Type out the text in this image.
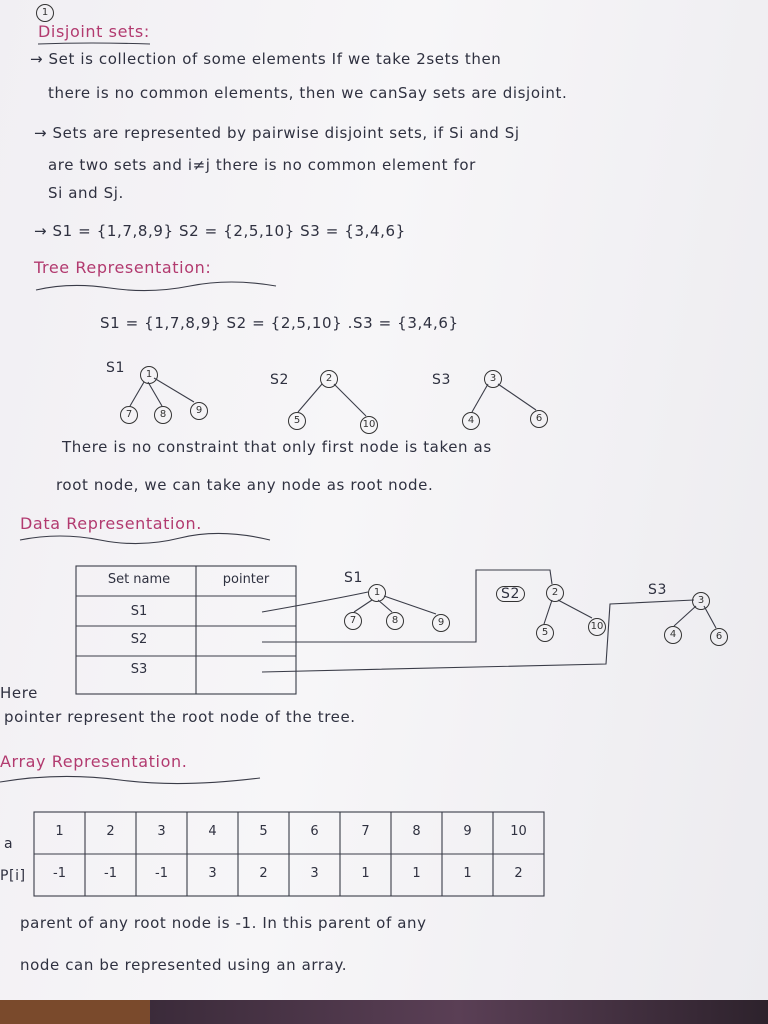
1

Disjoint sets:

→ Set is collection of some elements If we take 2sets then

there is no common elements, then we canSay sets are disjoint.

→ Sets are represented by pairwise disjoint sets, if Si and Sj

are two sets and i≠j there is no common element for

Si and Sj.

→ S1 = {1,7,8,9} S2 = {2,5,10} S3 = {3,4,6}

Tree Representation:

S1 = {1,7,8,9} S2 = {2,5,10} .S3 = {3,4,6}

S1
S2	S3
1
7	8	9
2
5	10
3
4	6

There is no constraint that only first node is taken as

root node, we can take any node as root node.

Data Representation.

Set name	pointer
S1
S2
S3
S1
1
7	8	9
S2	2
5
10
S3
3
4	6

Here

pointer represent the root node of the tree.

Array Representation.

a
P[i]

parent of any root node is -1. In this parent of any

node can be represented using an array.

1	2	3	4	5	6	7	8	9	10
-1	-1	-1	3	2	3	1	1	1	2
